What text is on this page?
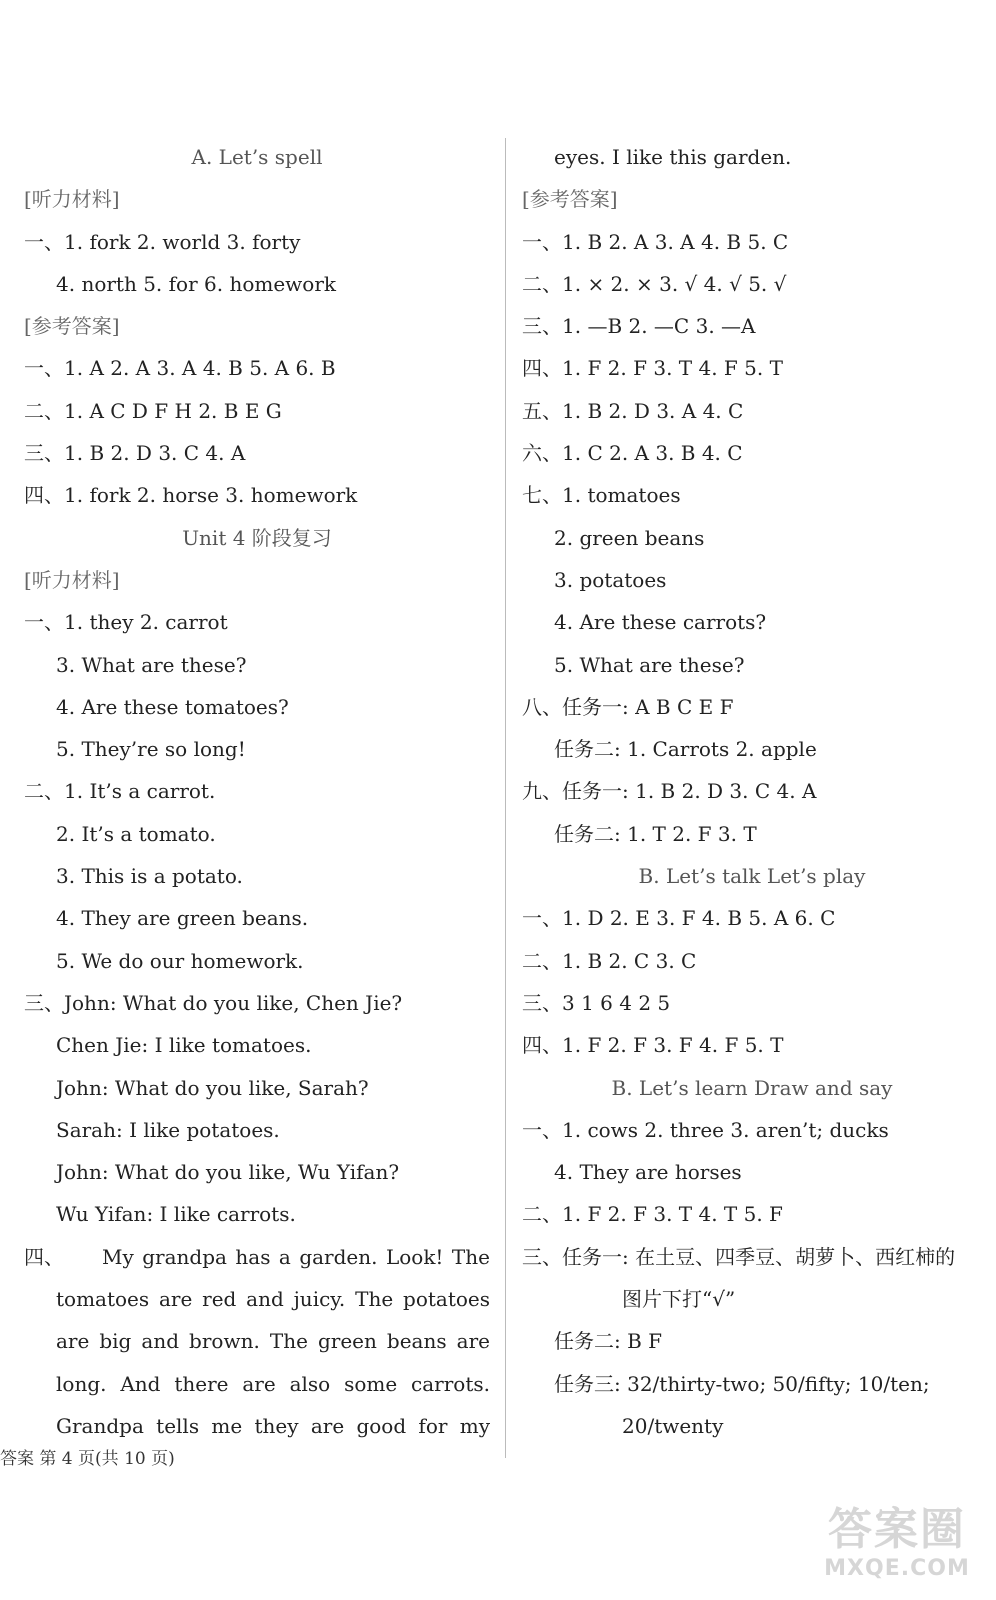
A. Let’s spell
[听力材料]
一、1. fork 2. world 3. forty
4. north 5. for 6. homework
[参考答案]
一、1. A 2. A 3. A 4. B 5. A 6. B
二、1. A C D F H 2. B E G
三、1. B 2. D 3. C 4. A
四、1. fork 2. horse 3. homework
Unit 4 阶段复习
[听力材料]
一、1. they 2. carrot
3. What are these?
4. Are these tomatoes?
5. They’re so long!
二、1. It’s a carrot.
2. It’s a tomato.
3. This is a potato.
4. They are green beans.
5. We do our homework.
三、John: What do you like, Chen Jie?
Chen Jie: I like tomatoes.
John: What do you like, Sarah?
Sarah: I like potatoes.
John: What do you like, Wu Yifan?
Wu Yifan: I like carrots.
四、	My grandpa has a garden. Look! The
tomatoes are red and juicy. The potatoes
are big and brown. The green beans are
long. And there are also some carrots.
Grandpa tells me they are good for my
eyes. I like this garden.
[参考答案]
一、1. B 2. A 3. A 4. B 5. C
二、1. × 2. × 3. √ 4. √ 5. √
三、1. —B 2. —C 3. —A
四、1. F 2. F 3. T 4. F 5. T
五、1. B 2. D 3. A 4. C
六、1. C 2. A 3. B 4. C
七、1. tomatoes
2. green beans
3. potatoes
4. Are these carrots?
5. What are these?
八、任务一: A B C E F
任务二: 1. Carrots 2. apple
九、任务一: 1. B 2. D 3. C 4. A
任务二: 1. T 2. F 3. T
B. Let’s talk Let’s play
一、1. D 2. E 3. F 4. B 5. A 6. C
二、1. B 2. C 3. C
三、3 1 6 4 2 5
四、1. F 2. F 3. F 4. F 5. T
B. Let’s learn Draw and say
一、1. cows 2. three 3. aren’t; ducks
4. They are horses
二、1. F 2. F 3. T 4. T 5. F
三、任务一: 在土豆、四季豆、胡萝卜、西红柿的
图片下打“√”
任务二: B F
任务三: 32/thirty-two; 50/fifty; 10/ten;
20/twenty
答案 第 4 页(共 10 页)
答案圈
MXQE.COM
